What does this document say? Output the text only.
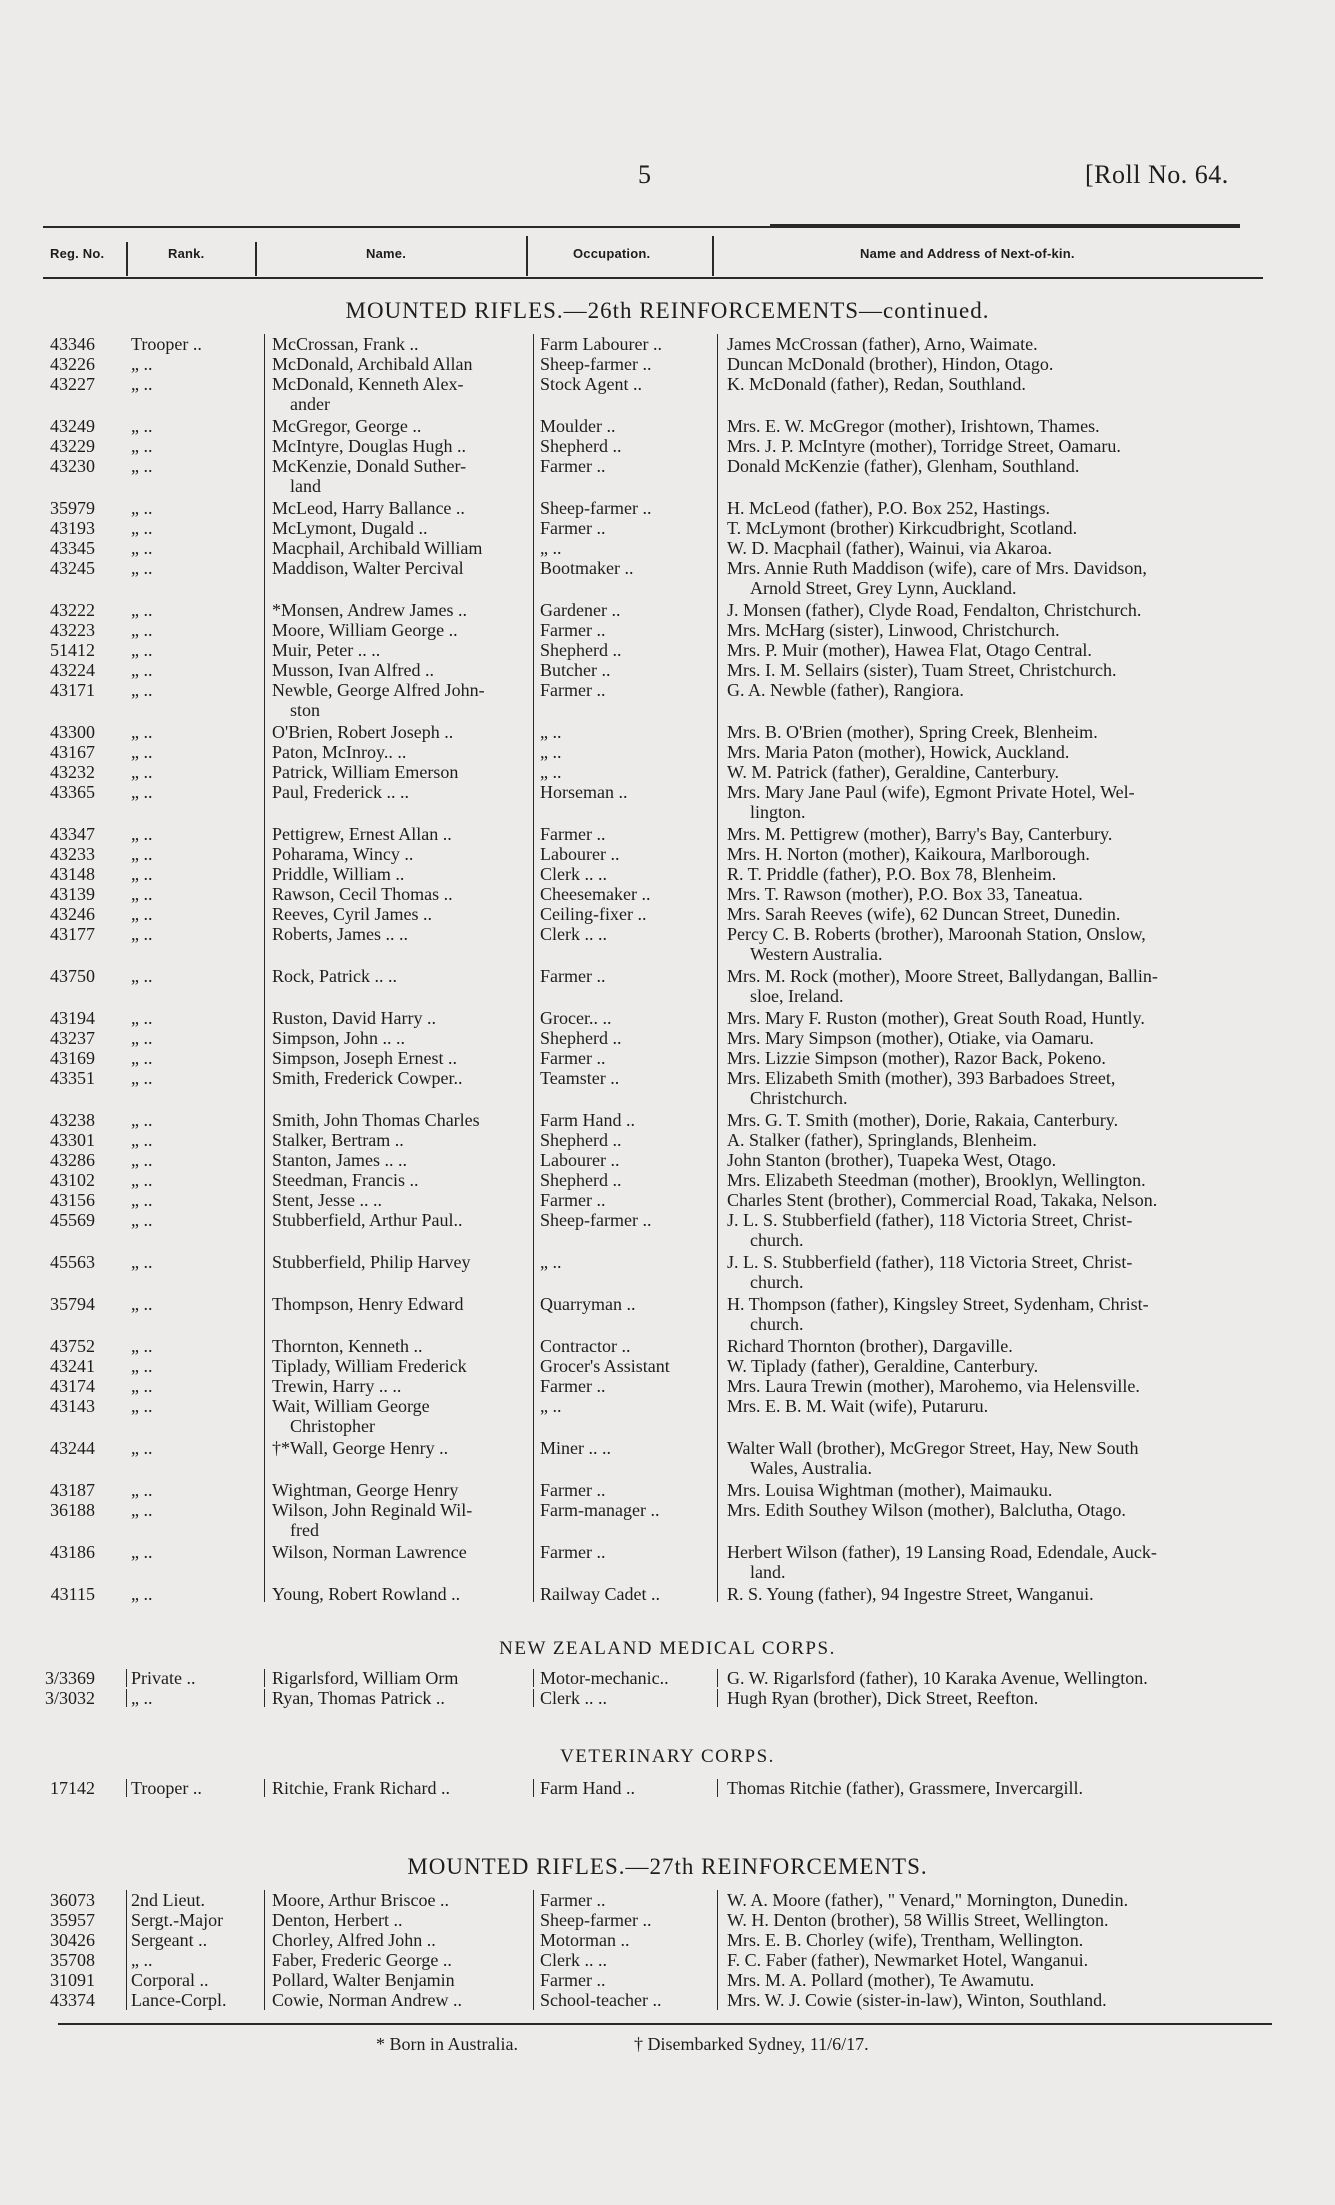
5	[Roll No. 64.
Reg. No.	Rank.	Name.	Occupation.	Name and Address of Next-of-kin.
MOUNTED RIFLES.—26th REINFORCEMENTS—continued.
NEW ZEALAND MEDICAL CORPS.
VETERINARY CORPS.
MOUNTED RIFLES.—27th REINFORCEMENTS.
43346 Trooper ..	McCrossan, Frank ..	Farm Labourer ..	James McCrossan (father), Arno, Waimate.
43226 „ ..	McDonald, Archibald Allan	Sheep-farmer ..	Duncan McDonald (brother), Hindon, Otago.
43227 „ ..	McDonald, Kenneth Alex-	Stock Agent ..	K. McDonald (father), Redan, Southland.
ander
43249 „ ..	McGregor, George ..	Moulder ..	Mrs. E. W. McGregor (mother), Irishtown, Thames.
43229 „ ..	McIntyre, Douglas Hugh ..	Shepherd ..	Mrs. J. P. McIntyre (mother), Torridge Street, Oamaru.
43230 „ ..	McKenzie, Donald Suther-	Farmer ..	Donald McKenzie (father), Glenham, Southland.
land
35979 „ ..	McLeod, Harry Ballance ..	Sheep-farmer ..	H. McLeod (father), P.O. Box 252, Hastings.
43193 „ ..	McLymont, Dugald ..	Farmer ..	T. McLymont (brother) Kirkcudbright, Scotland.
43345 „ ..	Macphail, Archibald William	„ ..	W. D. Macphail (father), Wainui, via Akaroa.
43245 „ ..	Maddison, Walter Percival	Bootmaker ..	Mrs. Annie Ruth Maddison (wife), care of Mrs. Davidson,
Arnold Street, Grey Lynn, Auckland.
43222 „ ..	*Monsen, Andrew James ..	Gardener ..	J. Monsen (father), Clyde Road, Fendalton, Christchurch.
43223 „ ..	Moore, William George ..	Farmer ..	Mrs. McHarg (sister), Linwood, Christchurch.
51412 „ ..	Muir, Peter .. ..	Shepherd ..	Mrs. P. Muir (mother), Hawea Flat, Otago Central.
43224 „ ..	Musson, Ivan Alfred ..	Butcher ..	Mrs. I. M. Sellairs (sister), Tuam Street, Christchurch.
43171 „ ..	Newble, George Alfred John-	Farmer ..	G. A. Newble (father), Rangiora.
ston
43300 „ ..	O'Brien, Robert Joseph ..	„ ..	Mrs. B. O'Brien (mother), Spring Creek, Blenheim.
43167 „ ..	Paton, McInroy.. ..	„ ..	Mrs. Maria Paton (mother), Howick, Auckland.
43232 „ ..	Patrick, William Emerson	„ ..	W. M. Patrick (father), Geraldine, Canterbury.
43365 „ ..	Paul, Frederick .. ..	Horseman ..	Mrs. Mary Jane Paul (wife), Egmont Private Hotel, Wel-
lington.
43347 „ ..	Pettigrew, Ernest Allan ..	Farmer ..	Mrs. M. Pettigrew (mother), Barry's Bay, Canterbury.
43233 „ ..	Poharama, Wincy ..	Labourer ..	Mrs. H. Norton (mother), Kaikoura, Marlborough.
43148 „ ..	Priddle, William ..	Clerk .. ..	R. T. Priddle (father), P.O. Box 78, Blenheim.
43139 „ ..	Rawson, Cecil Thomas ..	Cheesemaker ..	Mrs. T. Rawson (mother), P.O. Box 33, Taneatua.
43246 „ ..	Reeves, Cyril James ..	Ceiling-fixer ..	Mrs. Sarah Reeves (wife), 62 Duncan Street, Dunedin.
43177 „ ..	Roberts, James .. ..	Clerk .. ..	Percy C. B. Roberts (brother), Maroonah Station, Onslow,
Western Australia.
43750 „ ..	Rock, Patrick .. ..	Farmer ..	Mrs. M. Rock (mother), Moore Street, Ballydangan, Ballin-
sloe, Ireland.
43194 „ ..	Ruston, David Harry ..	Grocer.. ..	Mrs. Mary F. Ruston (mother), Great South Road, Huntly.
43237 „ ..	Simpson, John .. ..	Shepherd ..	Mrs. Mary Simpson (mother), Otiake, via Oamaru.
43169 „ ..	Simpson, Joseph Ernest ..	Farmer ..	Mrs. Lizzie Simpson (mother), Razor Back, Pokeno.
43351 „ ..	Smith, Frederick Cowper..	Teamster ..	Mrs. Elizabeth Smith (mother), 393 Barbadoes Street,
Christchurch.
43238 „ ..	Smith, John Thomas Charles	Farm Hand ..	Mrs. G. T. Smith (mother), Dorie, Rakaia, Canterbury.
43301 „ ..	Stalker, Bertram ..	Shepherd ..	A. Stalker (father), Springlands, Blenheim.
43286 „ ..	Stanton, James .. ..	Labourer ..	John Stanton (brother), Tuapeka West, Otago.
43102 „ ..	Steedman, Francis ..	Shepherd ..	Mrs. Elizabeth Steedman (mother), Brooklyn, Wellington.
43156 „ ..	Stent, Jesse .. ..	Farmer ..	Charles Stent (brother), Commercial Road, Takaka, Nelson.
45569 „ ..	Stubberfield, Arthur Paul..	Sheep-farmer ..	J. L. S. Stubberfield (father), 118 Victoria Street, Christ-
church.
45563 „ ..	Stubberfield, Philip Harvey	„ ..	J. L. S. Stubberfield (father), 118 Victoria Street, Christ-
church.
35794 „ ..	Thompson, Henry Edward	Quarryman ..	H. Thompson (father), Kingsley Street, Sydenham, Christ-
church.
43752 „ ..	Thornton, Kenneth ..	Contractor ..	Richard Thornton (brother), Dargaville.
43241 „ ..	Tiplady, William Frederick	Grocer's Assistant	W. Tiplady (father), Geraldine, Canterbury.
43174 „ ..	Trewin, Harry .. ..	Farmer ..	Mrs. Laura Trewin (mother), Marohemo, via Helensville.
43143 „ ..	Wait, William George	„ ..	Mrs. E. B. M. Wait (wife), Putaruru.
Christopher
43244 „ ..	†*Wall, George Henry ..	Miner .. ..	Walter Wall (brother), McGregor Street, Hay, New South
Wales, Australia.
43187 „ ..	Wightman, George Henry	Farmer ..	Mrs. Louisa Wightman (mother), Maimauku.
36188 „ ..	Wilson, John Reginald Wil-	Farm-manager ..	Mrs. Edith Southey Wilson (mother), Balclutha, Otago.
fred
43186 „ ..	Wilson, Norman Lawrence	Farmer ..	Herbert Wilson (father), 19 Lansing Road, Edendale, Auck-
land.
43115 „ ..	Young, Robert Rowland ..	Railway Cadet ..	R. S. Young (father), 94 Ingestre Street, Wanganui.
3/3369 Private ..	Rigarlsford, William Orm	Motor-mechanic..	G. W. Rigarlsford (father), 10 Karaka Avenue, Wellington.
3/3032 „ ..	Ryan, Thomas Patrick ..	Clerk .. ..	Hugh Ryan (brother), Dick Street, Reefton.
17142 Trooper ..	Ritchie, Frank Richard ..	Farm Hand ..	Thomas Ritchie (father), Grassmere, Invercargill.
36073 2nd Lieut.	Moore, Arthur Briscoe ..	Farmer ..	W. A. Moore (father), " Venard," Mornington, Dunedin.
35957 Sergt.-Major	Denton, Herbert ..	Sheep-farmer ..	W. H. Denton (brother), 58 Willis Street, Wellington.
30426 Sergeant ..	Chorley, Alfred John ..	Motorman ..	Mrs. E. B. Chorley (wife), Trentham, Wellington.
35708 „ ..	Faber, Frederic George ..	Clerk .. ..	F. C. Faber (father), Newmarket Hotel, Wanganui.
31091 Corporal ..	Pollard, Walter Benjamin	Farmer ..	Mrs. M. A. Pollard (mother), Te Awamutu.
43374 Lance-Corpl.	Cowie, Norman Andrew ..	School-teacher ..	Mrs. W. J. Cowie (sister-in-law), Winton, Southland.
* Born in Australia.	† Disembarked Sydney, 11/6/17.
